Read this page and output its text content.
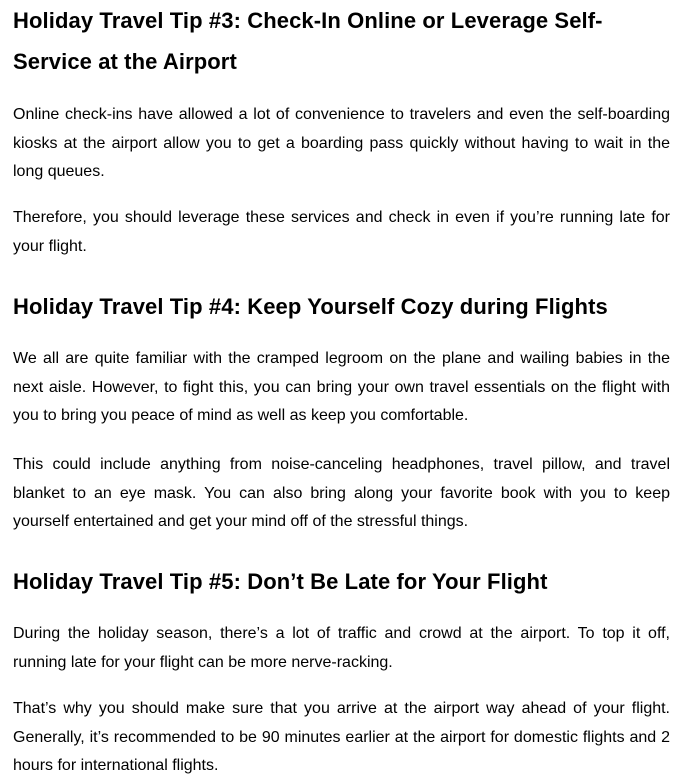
Holiday Travel Tip #3: Check-In Online or Leverage Self-Service at the Airport

Online check-ins have allowed a lot of convenience to travelers and even the self-boarding kiosks at the airport allow you to get a boarding pass quickly without having to wait in the long queues.

Therefore, you should leverage these services and check in even if you’re running late for your flight.

Holiday Travel Tip #4: Keep Yourself Cozy during Flights

We all are quite familiar with the cramped legroom on the plane and wailing babies in the next aisle. However, to fight this, you can bring your own travel essentials on the flight with you to bring you peace of mind as well as keep you comfortable.

This could include anything from noise-canceling headphones, travel pillow, and travel blanket to an eye mask. You can also bring along your favorite book with you to keep yourself entertained and get your mind off of the stressful things.

Holiday Travel Tip #5: Don’t Be Late for Your Flight

During the holiday season, there’s a lot of traffic and crowd at the airport. To top it off, running late for your flight can be more nerve-racking.

That’s why you should make sure that you arrive at the airport way ahead of your flight. Generally, it’s recommended to be 90 minutes earlier at the airport for domestic flights and 2 hours for international flights.
